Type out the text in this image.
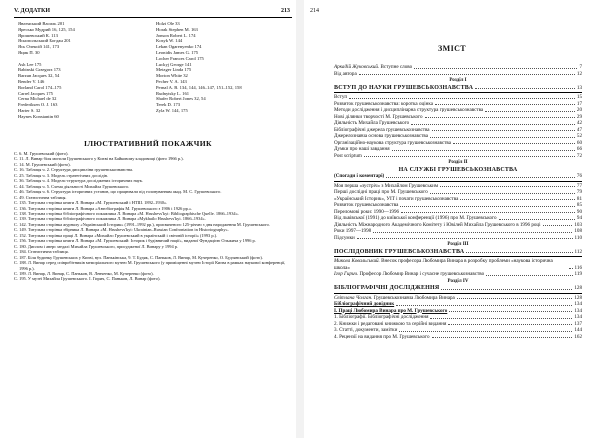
V. ДОДАТКИ	213
Явленський Василь 201
Яресько Мудрий 16, 125, 154
Ярошевський К. 113
Яснопольський Богдан 201
Ясь Олексій 141, 173
Яцик П. 30

Ash Lee 175
Babinski Grzegorz 173
Barzun Jacques 32, 54
Bender V. 146
Borland Carol 174–175
Carrel Jacques 175
Cerna Michael de 32
Frederiksen O. J. 163
Harter S. 32
Haynes Konstantin 60
Holzi Ole 33
Horak Stephen M. 163
Jonson Robert L. 174
Kosyk W. 144
Lekan Ogarenyenko 174
Leonidis James G. 175
Locher Frances Carol 175
Luckyj George 141
Metzger Linda 175
Morton White 32
Pecher V. A. 143
Pernal A. B. 134, 144, 146–147, 151–152, 158
Rudnytsky L. 161
Shafer Robert Jones 32, 54
Terek D. 173
Zyla W. 144, 175
ІЛЮСТРАТИВНИЙ ПОКАЖЧИК
С. 6. М. Грушевський (фото).
С. 11. Л. Винар біля могили Грушевського у Києві на Байковому кладовищі (фото 1966 р.).
С. 14. М. Грушевський (фото).
С. 16. Таблиця ч. 2. Структура дисципліни грушевськознавства.
С. 25. Таблиця ч. 3. Модель стратегічних дослідів.
С. 36. Таблиця ч. 4. Модель-структура досліджених історичних наук.
С. 44. Таблиця ч. 5. Схема діяльності Михайла Грушевського.
С. 46. Таблиця ч. 6. Структура історичних установ, що працювали під головуванням акад. М. С. Грушевського.
С. 49. Статистична таблиця.
С. 135. Титульна сторінка книги Л. Винара «М. Грушевський і НТШ. 1892–1930».
С. 136. Титульна сторінка книги Л. Винара «Автобіографія М. Грушевського з 1906 і 1926 рр.».
С. 138. Титульна сторінка бібліографічного покажчика Л. Винара «M. Hrushevs'kyi: Bibliographische Quelle. 1866–1934».
С. 139. Титульна сторінка бібліографічного покажчика Л. Винара «Mykhailo Hrushevs'kyi. 1866–1934».
С. 142. Титульна сторінка журналу «Український Історик» (1991–1992 рр.), присвяченого 125-річчю з дня народження М. Грушевського.
С. 149. Титульна сторінка збірника Л. Винара «M. Hrushevs'kyi: Ukrainian–Russian Confrontation in Historiography».
С. 152. Титульна сторінка праці Л. Винара «Михайло Грушевський в українській і світовій історії» (1993 р.).
С. 156. Титульна сторінка книги Л. Винара «М. Грушевський: Історик і будівничий нації», виданої Фундацією Ольжича у 1996 р.
С. 180. Диплом і аверс медалі Михайла Грушевського, присудженої Л. Винару у 1994 р.
С. 184. Статистична таблиця.
С. 187. Біля будинку Грушевських у Києві, вул. Паньківська, 9. Т. Будяк, С. Паньков, Л. Винар, М. Кучеренко, О. Будзянський (фото).
С. 188. Л. Винар серед співробітників меморіального музею М. Грушевського (у приміщенні музею Історії Києва в рамках наукової конференції, 1996 р.).
С. 189. Л. Винар, Л. Винар, С. Паньков, В. Левченко, М. Кучеренко (фото).
С. 195. У музеї Михайла Грушевського. І. Гирич, С. Паньков, Л. Винар (фото).
214
ЗМІСТ
Аркадій Жуковський. Вступне слово	7
Від автора	12
Розділ I
ВСТУП ДО НАУКИ ГРУШЕВСЬКОЗНАВСТВА	13
Вступ	15
Розвиток грушевськознавства: коротка оцінка	17
Методи дослідження і дисциплінарна структура грушевськознавства	20
Нові ділянки творчості М. Грушевського	29
Діяльність Михайла Грушевського	42
Бібліографічні джерела грушевськознавства	47
Джерелознавча основа грушевськознавства	52
Організаційно-наукова структура грушевськознавства	60
Думки про наші завдання	66
Post scriptum	72
Розділ II
НА СЛУЖБІ ГРУШЕВСЬКОЗНАВСТВА
(Спогади і коментарі)	76
Моя перша «зустріч» з Михайлом Грушевським	77
Перші дослідні праці про М. Грушевського	79
«Український Історик», УІТ і почати грушевськознавства	81
Розвиток грушевськознавства	85
Переломові роки: 1990—1996	90
Від львівської (1991) до київської конференції (1996) про М. Грушевського	94
Діяльність Міжнародного Академічного Комітету і Ювілей Михайла Грушевського в 1996 році	103
Роки 1997—1998	108
Підсумки	110
Розділ III
ПОСЛІДОВНИК ГРУШЕВСЬКОЗНАВСТВА	112
Микола Ковальський. Внесок професора Любомира Винара в розробку проблеми «наукова історична школа»	116
Ігор Гирич. Професор Любомир Винар і сучасне грушевськознавство	119
Розділ IV
БІБЛІОГРАФІЧНІ ДОСЛІДЖЕННЯ	128
Світлана Чолган. Грушевськознавча Любомира Винара	128
Бібліографічний довідник	134
І. Праці Любомира Винара про М. Грушевського	134
1. Бібліографії. Бібліографічні дослідження	134
2. Книжки і редаговані книжкою та серійні видання	137
3. Статті, документи, замітки	144
4. Рецензії на видання про М. Грушевського	162
